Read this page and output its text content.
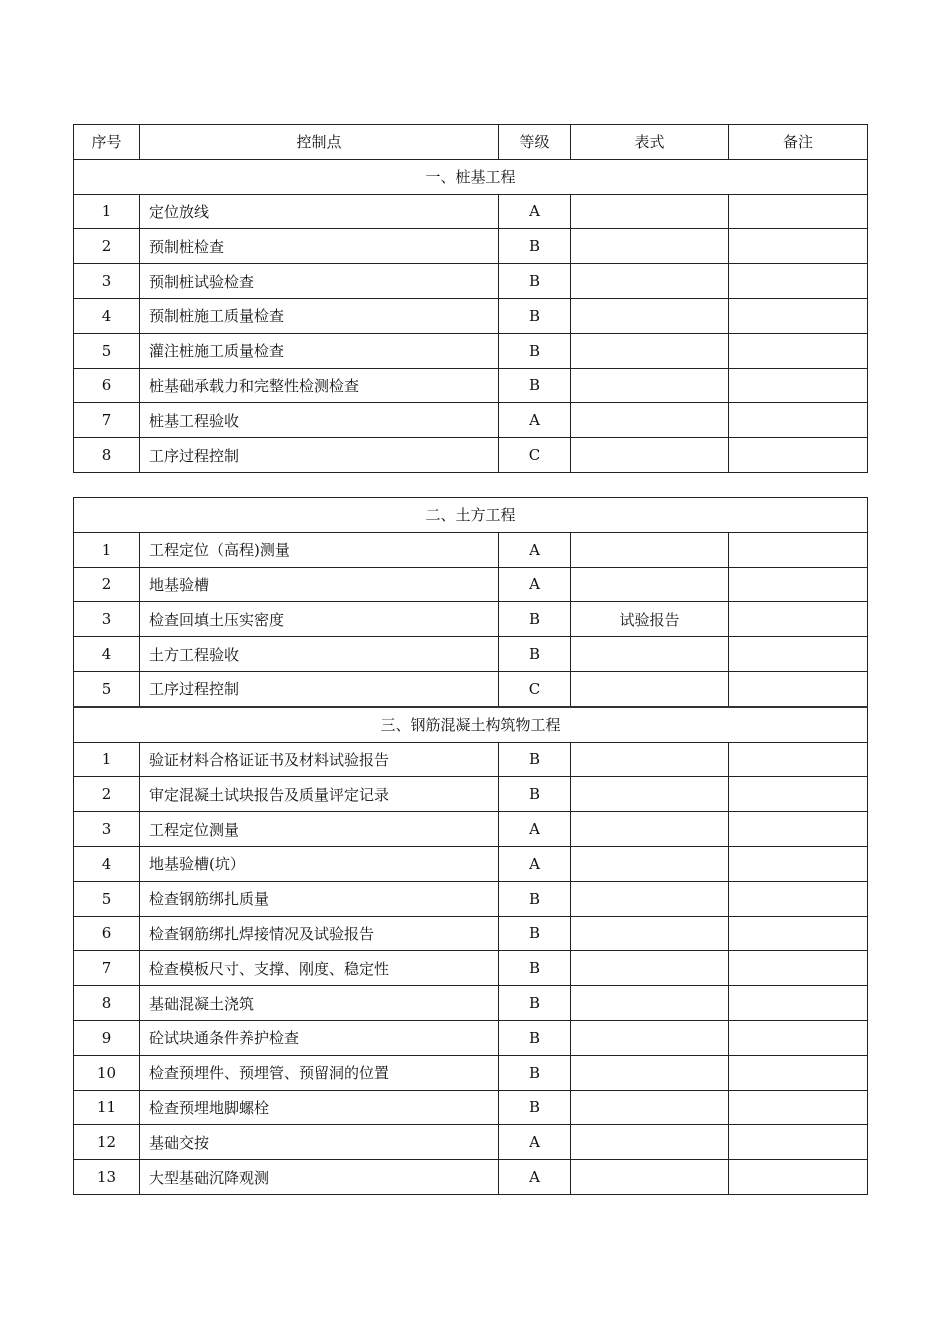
序号	控制点	等级	表式	备注
一、桩基工程				
1	定位放线	A		
2	预制桩检查	B		
3	预制桩试验检查	B		
4	预制桩施工质量检查	B		
5	灌注桩施工质量检查	B		
6	桩基础承载力和完整性检测检查	B		
7	桩基工程验收	A		
8	工序过程控制	C		
二、土方工程				
1	工程定位（高程)测量	A		
2	地基验槽	A		
3	检查回填土压实密度	B	试验报告	
4	土方工程验收	B		
5	工序过程控制	C		
三、钢筋混凝土构筑物工程				
1	验证材料合格证证书及材料试验报告	B		
2	审定混凝土试块报告及质量评定记录	B		
3	工程定位测量	A		
4	地基验槽(坑）	A		
5	检查钢筋绑扎质量	B		
6	检查钢筋绑扎焊接情况及试验报告	B		
7	检查模板尺寸、支撑、刚度、稳定性	B		
8	基础混凝土浇筑	B		
9	砼试块通条件养护检查	B		
10	检查预埋件、预埋管、预留洞的位置	B		
11	检查预埋地脚螺栓	B		
12	基础交按	A		
13	大型基础沉降观测	A		
